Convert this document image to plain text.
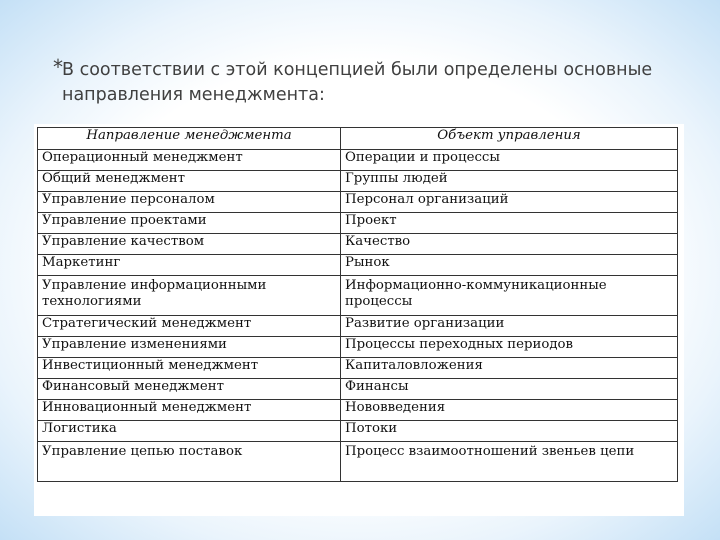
* В соответствии с этой концепцией были определены основные направления менеджмента:
Направление менеджмента	Объект управления
Операционный менеджмент	Операции и процессы
Общий менеджмент	Группы людей
Управление персоналом	Персонал организаций
Управление проектами	Проект
Управление качеством	Качество
Маркетинг	Рынок
Управление информационными технологиями	Информационно-коммуникационные процессы
Стратегический менеджмент	Развитие организации
Управление изменениями	Процессы переходных периодов
Инвестиционный менеджмент	Капиталовложения
Финансовый менеджмент	Финансы
Инновационный менеджмент	Нововведения
Логистика	Потоки
Управление цепью поставок	Процесс взаимоотношений звеньев цепи
